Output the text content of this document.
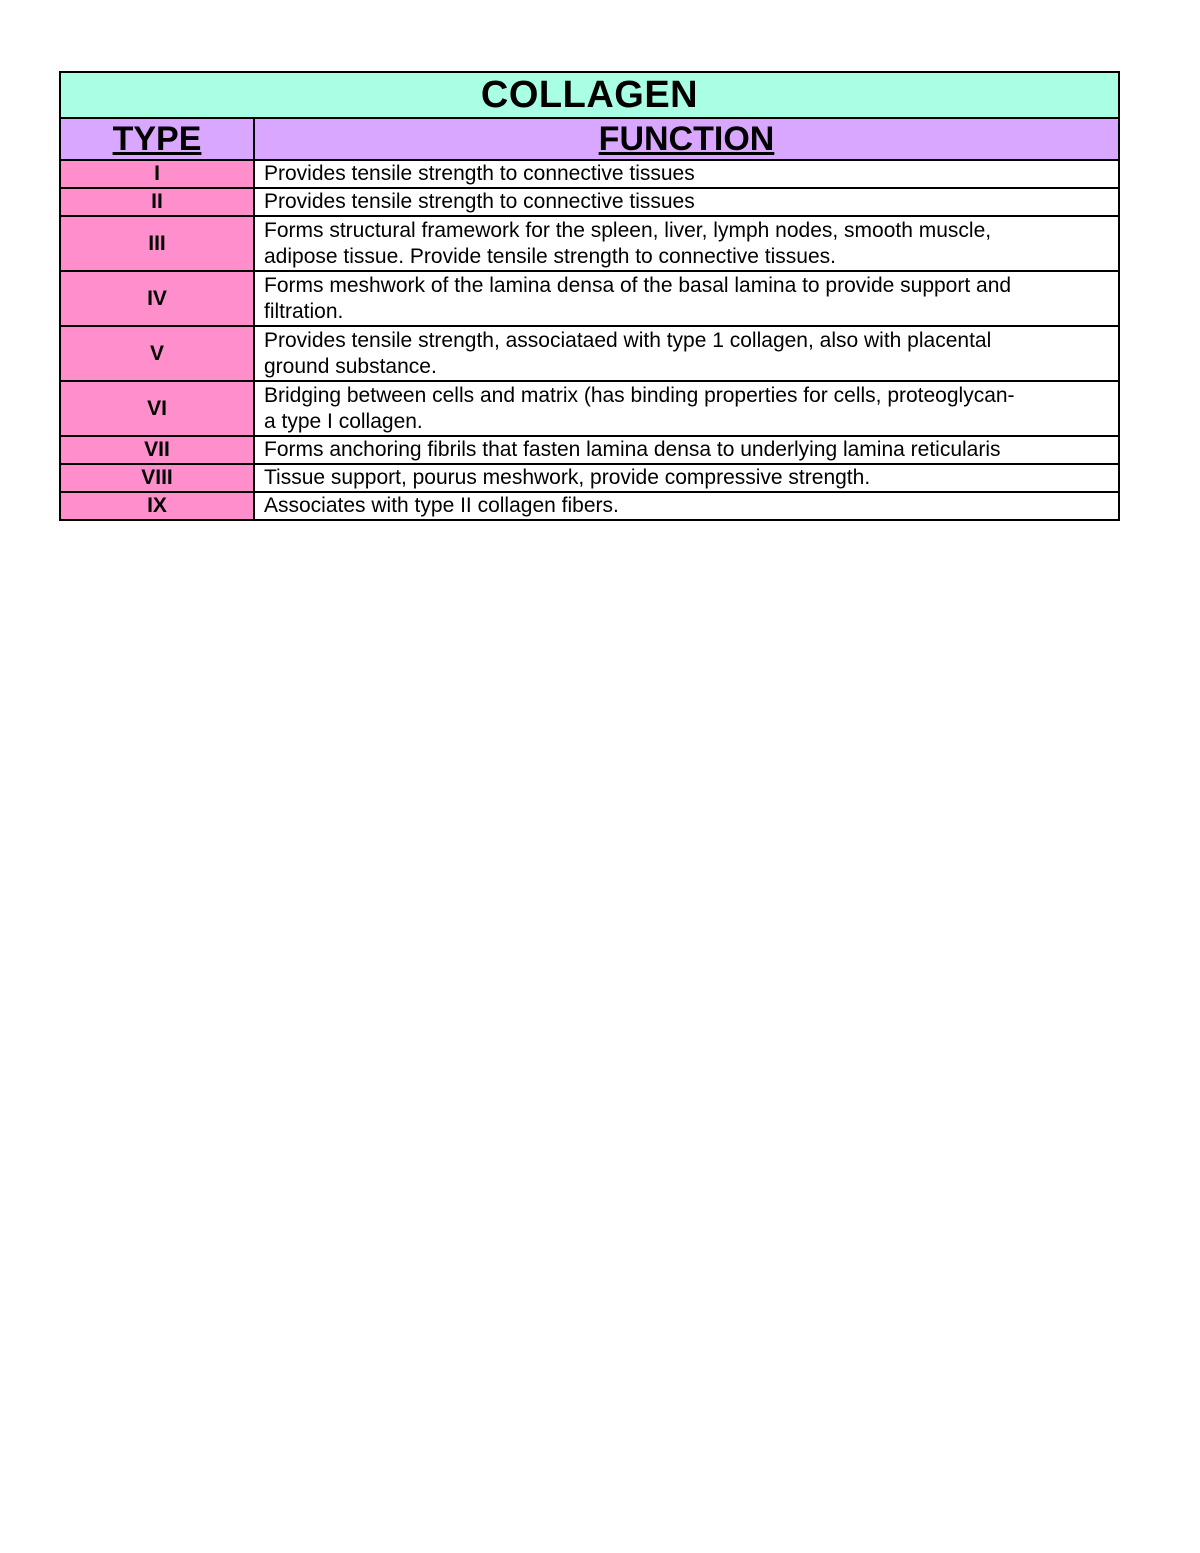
COLLAGEN	
TYPE	FUNCTION
I	Provides tensile strength to connective tissues

II	Provides tensile strength to connective tissues

III	Forms structural framework for the spleen, liver, lymph nodes, smooth muscle,
adipose tissue. Provide tensile strength to connective tissues.

IV	Forms meshwork of the lamina densa of the basal lamina to provide support and
filtration.

V	Provides tensile strength, associataed with type 1 collagen, also with placental
ground substance.

VI	Bridging between cells and matrix (has binding properties for cells, proteoglycan-
a type I collagen.

VII	Forms anchoring fibrils that fasten lamina densa to underlying lamina reticularis

VIII	Tissue support, pourus meshwork, provide compressive strength.

IX	Associates with type II collagen fibers.
